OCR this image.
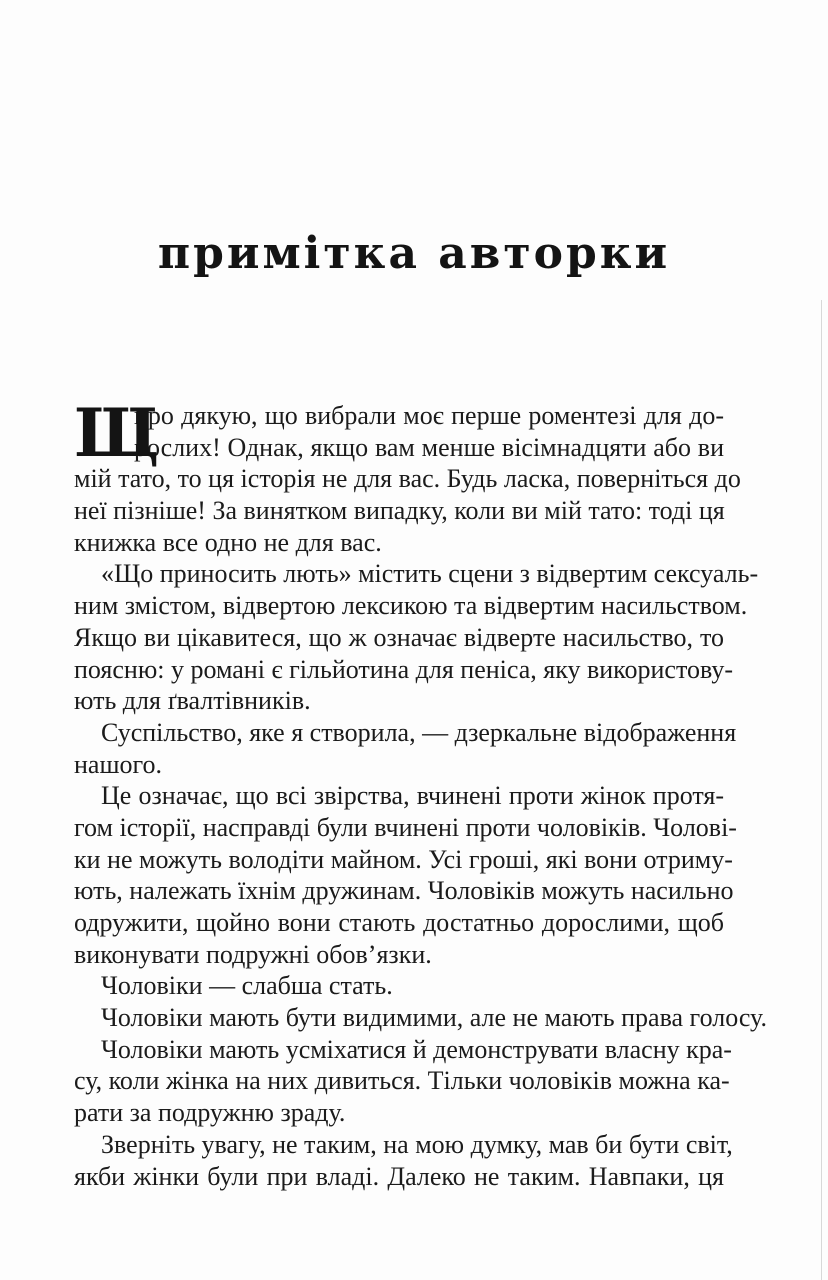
примітка авторки
Щ
иро дякую, що вибрали моє перше роментезі для до-
рослих! Однак, якщо вам менше вісімнадцяти або ви
мій тато, то ця історія не для вас. Будь ласка, поверніться до
неї пізніше! За винятком випадку, коли ви мій тато: тоді ця
книжка все одно не для вас.
«Що приносить лють» містить сцени з відвертим сексуаль-
ним змістом, відвертою лексикою та відвертим насильством.
Якщо ви цікавитеся, що ж означає відверте насильство, то
поясню: у романі є гільйотина для пеніса, яку використову-
ють для ґвалтівників.
Суспільство, яке я створила, — дзеркальне відображення
нашого.
Це означає, що всі звірства, вчинені проти жінок протя-
гом історії, насправді були вчинені проти чоловіків. Чолові-
ки не можуть володіти майном. Усі гроші, які вони отриму-
ють, належать їхнім дружинам. Чоловіків можуть насильно
одружити, щойно вони стають достатньо дорослими, щоб
виконувати подружні обов’язки.
Чоловіки — слабша стать.
Чоловіки мають бути видимими, але не мають права голосу.
Чоловіки мають усміхатися й демонструвати власну кра-
су, коли жінка на них дивиться. Тільки чоловіків можна ка-
рати за подружню зраду.
Зверніть увагу, не таким, на мою думку, мав би бути світ,
якби жінки були при владі. Далеко не таким. Навпаки, ця
